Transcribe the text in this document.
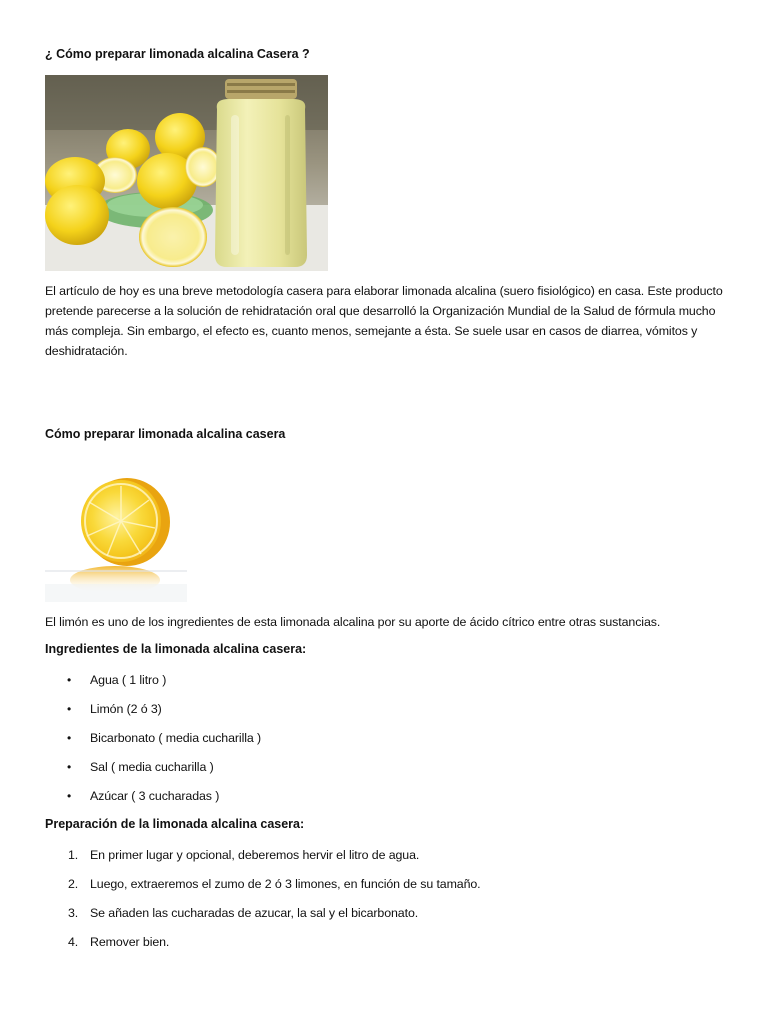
¿ Cómo preparar limonada alcalina Casera ?
El artículo de hoy es una breve metodología casera para elaborar limonada alcalina (suero fisiológico) en casa. Este producto pretende parecerse a la solución de rehidratación oral que desarrolló la Organización Mundial de la Salud de fórmula mucho más compleja. Sin embargo, el efecto es, cuanto menos, semejante a ésta. Se suele usar en casos de diarrea, vómitos y deshidratación.
Cómo preparar limonada alcalina casera
El limón es uno de los ingredientes de esta limonada alcalina por su aporte de ácido cítrico entre otras sustancias.
Ingredientes de la limonada alcalina casera:
• Agua ( 1 litro )
• Limón (2 ó 3)
• Bicarbonato ( media cucharilla )
• Sal ( media cucharilla )
• Azúcar ( 3 cucharadas )
Preparación de la limonada alcalina casera:
1. En primer lugar y opcional, deberemos hervir el litro de agua.
2. Luego, extraeremos el zumo de 2 ó 3 limones, en función de su tamaño.
3. Se añaden las cucharadas de azucar, la sal y el bicarbonato.
4. Remover bien.
